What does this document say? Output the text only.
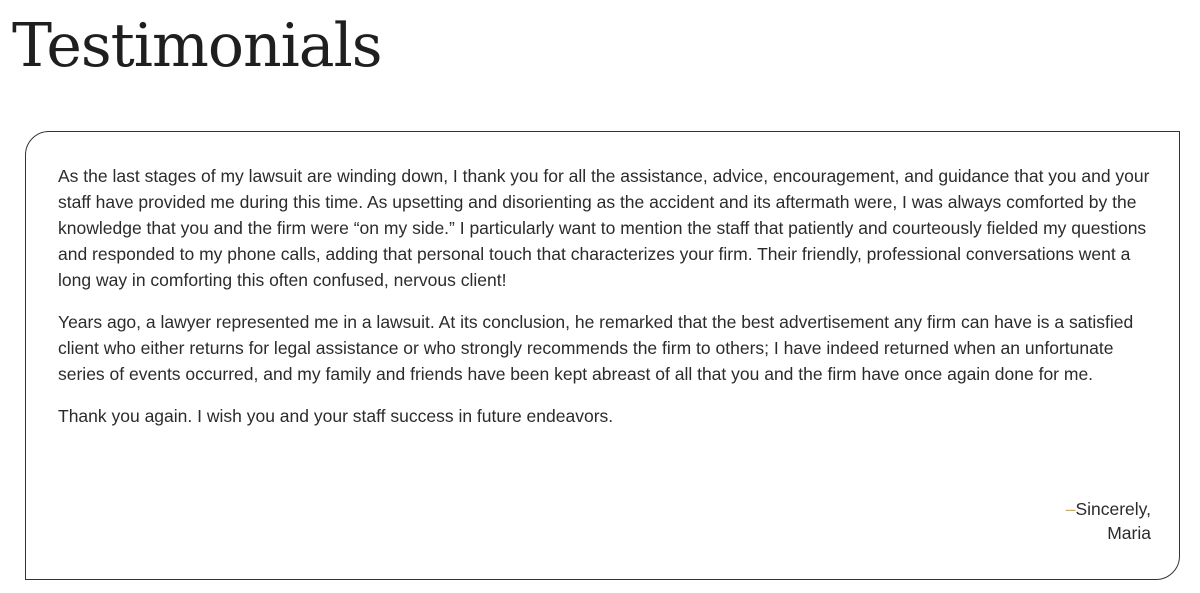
Testimonials

As the last stages of my lawsuit are winding down, I thank you for all the assistance, advice, encouragement, and guidance that you and your staff have provided me during this time. As upsetting and disorienting as the accident and its aftermath were, I was always comforted by the knowledge that you and the firm were “on my side.” I particularly want to mention the staff that patiently and courteously fielded my questions and responded to my phone calls, adding that personal touch that characterizes your firm. Their friendly, professional conversations went a long way in comforting this often confused, nervous client!

Years ago, a lawyer represented me in a lawsuit. At its conclusion, he remarked that the best advertisement any firm can have is a satisfied client who either returns for legal assistance or who strongly recommends the firm to others; I have indeed returned when an unfortunate series of events occurred, and my family and friends have been kept abreast of all that you and the firm have once again done for me.

Thank you again. I wish you and your staff success in future endeavors.

–Sincerely,
Maria
